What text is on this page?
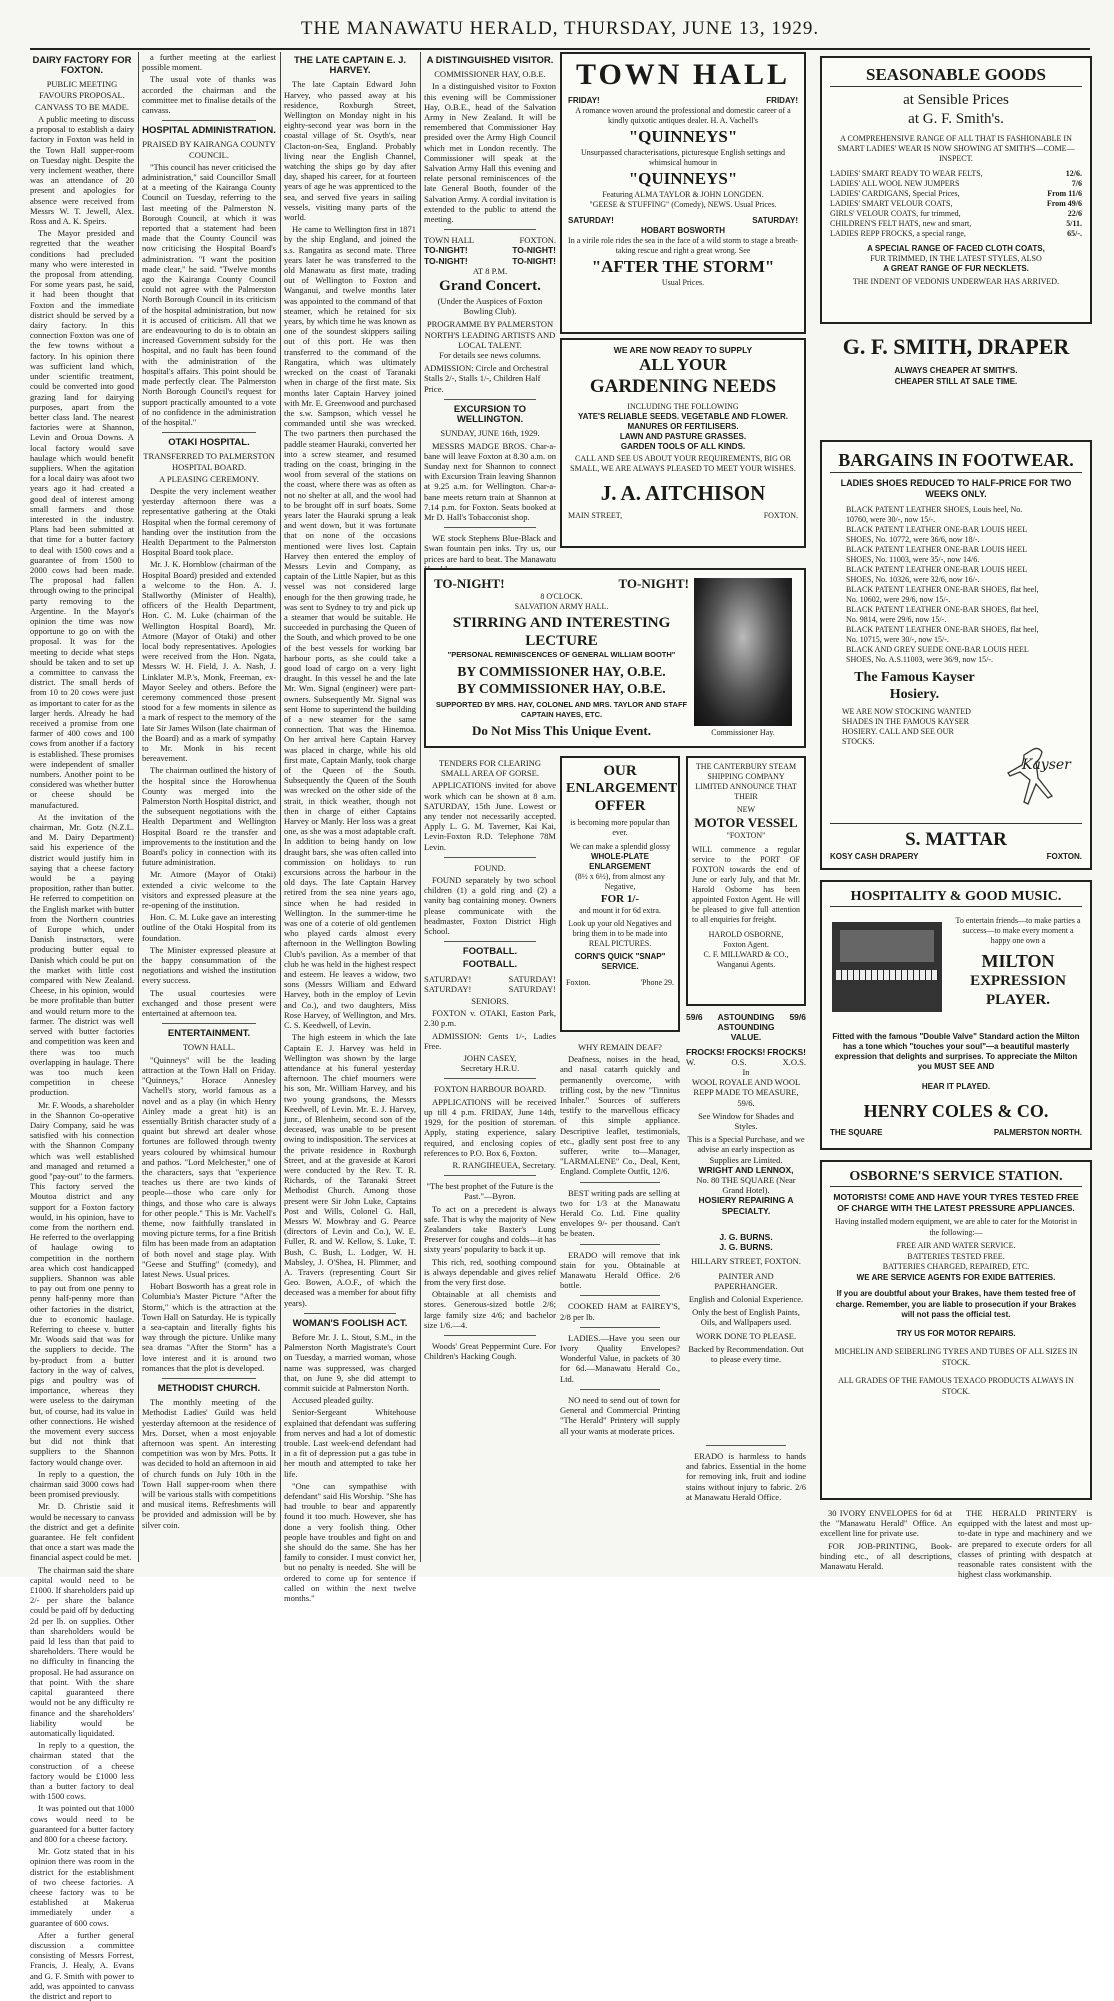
THE MANAWATU HERALD, THURSDAY, JUNE 13, 1929.
DAIRY FACTORY FOR FOXTON.
PUBLIC MEETING FAVOURS PROPOSAL.
CANVASS TO BE MADE.

A public meeting to discuss a proposal to establish a dairy factory in Foxton was held in the Town Hall supper-room on Tuesday night. Despite the very inclement weather, there was an attendance of 20 present and apologies for absence were received from Messrs W. T. Jewell, Alex. Ross and A. K. Speirs.

The Mayor presided and regretted that the weather conditions had precluded many who were interested in the proposal from attending. For some years past, he said, it had been thought that Foxton and the immediate district should be served by a dairy factory. In this connection Foxton was one of the few towns without a factory. In his opinion there was sufficient land which, under scientific treatment, could be converted into good grazing land for dairying purposes, apart from the better class land. The nearest factories were at Shannon, Levin and Oroua Downs. A local factory would save haulage which would benefit suppliers. When the agitation for a local dairy was afoot two years ago it had created a good deal of interest among small farmers and those interested in the industry. Plans had been submitted at that time for a butter factory to deal with 1500 cows and a guarantee of from 1500 to 2000 cows had been made. The proposal had fallen through owing to the principal party removing to the Argentine. In the Mayor's opinion the time was now opportune to go on with the proposal. It was for the meeting to decide what steps should be taken and to set up a committee to canvass the district. The small herds of from 10 to 20 cows were just as important to cater for as the larger herds. Already he had received a promise from one farmer of 400 cows and 100 cows from another if a factory is established. These promises were independent of smaller numbers. Another point to be considered was whether butter or cheese should be manufactured.

At the invitation of the chairman, Mr. Gotz (N.Z.L. and M. Dairy Department) said his experience of the district would justify him in saying that a cheese factory would be a paying proposition, rather than butter. He referred to competition on the English market with butter from the Northern countries of Europe which, under Danish instructors, were producing butter equal to Danish which could be put on the market with little cost compared with New Zealand. Cheese, in his opinion, would be more profitable than butter and would return more to the farmer. The district was well served with butter factories and competition was keen and there was too much overlapping in haulage. There was too much keen competition in cheese production.

Mr. F. Woods, a shareholder in the Shannon Co-operative Dairy Company, said he was satisfied with his connection with the Shannon Company which was well established and managed and returned a good "pay-out" to the farmers. This factory served the Moutoa district and any support for a Foxton factory would, in his opinion, have to come from the northern end. He referred to the overlapping of haulage owing to competition in the northern area which cost handicapped suppliers. Shannon was able to pay out from one penny to penny half-penny more than other factories in the district, due to economic haulage. Referring to cheese v. butter Mr. Woods said that was for the suppliers to decide. The by-product from a butter factory in the way of calves, pigs and poultry was of importance, whereas they were useless to the dairyman but, of course, had its value in other connections. He wished the movement every success but did not think that suppliers to the Shannon factory would change over.

In reply to a question, the chairman said 3000 cows had been promised previously.

Mr. D. Christie said it would be necessary to canvass the district and get a definite guarantee. He felt confident that once a start was made the financial aspect could be met.

The chairman said the share capital would need to be £1000. If shareholders paid up 2/- per share the balance could be paid off by deducting 2d per lb. on supplies. Other than shareholders would be paid ld less than that paid to shareholders. There would be no difficulty in financing the proposal. He had assurance on that point. With the share capital guaranteed there would not be any difficulty re finance and the shareholders' liability would be automatically liquidated.

In reply to a question, the chairman stated that the construction of a cheese factory would be £1000 less than a butter factory to deal with 1500 cows.

It was pointed out that 1000 cows would need to be guaranteed for a butter factory and 800 for a cheese factory.

Mr. Gotz stated that in his opinion there was room in the district for the establishment of two cheese factories. A cheese factory was to be established at Makerua immediately under a guarantee of 600 cows.

After a further general discussion a committee consisting of Messrs Forrest, Francis, J. Healy, A. Evans and G. F. Smith with power to add, was appointed to canvass the district and report to

a further meeting at the earliest possible moment.

The usual vote of thanks was accorded the chairman and the committee met to finalise details of the canvass.

HOSPITAL ADMINISTRATION.
PRAISED BY KAIRANGA COUNTY COUNCIL.

"This council has never criticised the administration," said Councillor Small at a meeting of the Kairanga County Council on Tuesday, referring to the last meeting of the Palmerston N. Borough Council, at which it was reported that a statement had been made that the County Council was now criticising the Hospital Board's administration. "I want the position made clear," he said. "Twelve months ago the Kairanga County Council could not agree with the Palmerston North Borough Council in its criticism of the hospital administration, but now it is accused of criticism. All that we are endeavouring to do is to obtain an increased Government subsidy for the hospital, and no fault has been found with the administration of the hospital's affairs. This point should be made perfectly clear. The Palmerston North Borough Council's request for support practically amounted to a vote of no confidence in the administration of the hospital."

OTAKI HOSPITAL.
TRANSFERRED TO PALMERSTON HOSPITAL BOARD.
A PLEASING CEREMONY.

Despite the very inclement weather yesterday afternoon there was a representative gathering at the Otaki Hospital when the formal ceremony of handing over the institution from the Health Department to the Palmerston Hospital Board took place.

Mr. J. K. Hornblow (chairman of the Hospital Board) presided and extended a welcome to the Hon. A. J. Stallworthy (Minister of Health), officers of the Health Department, Hon. C. M. Luke (chairman of the Wellington Hospital Board), Mr. Atmore (Mayor of Otaki) and other local body representatives. Apologies were received from the Hon. Ngata, Messrs W. H. Field, J. A. Nash, J. Linklater M.P.'s, Monk, Freeman, ex-Mayor Seeley and others. Before the ceremony commenced those present stood for a few moments in silence as a mark of respect to the memory of the late Sir James Wilson (late chairman of the Board) and as a mark of sympathy to Mr. Monk in his recent bereavement.

The chairman outlined the history of the hospital since the Horowhenua County was merged into the Palmerston North Hospital district, and the subsequent negotiations with the Health Department and Wellington Hospital Board re the transfer and improvements to the institution and the Board's policy in connection with its future administration.

Mr. Atmore (Mayor of Otaki) extended a civic welcome to the visitors and expressed pleasure at the re-opening of the institution.

Hon. C. M. Luke gave an interesting outline of the Otaki Hospital from its foundation.

The Minister expressed pleasure at the happy consummation of the negotiations and wished the institution every success.

The usual courtesies were exchanged and those present were entertained at afternoon tea.

ENTERTAINMENT.
TOWN HALL.

"Quinneys" will be the leading attraction at the Town Hall on Friday. "Quinneys," Horace Annesley Vachell's story, world famous as a novel and as a play (in which Henry Ainley made a great hit) is an essentially British character study of a quaint but shrewd art dealer whose fortunes are followed through twenty years coloured by whimsical humour and pathos. "Lord Melchester," one of the characters, says that "experience teaches us there are two kinds of people—those who care only for things, and those who care is always for other people." This is Mr. Vachell's theme, now faithfully translated in moving picture terms, for a fine British film has been made from an adaptation of both novel and stage play. With "Geese and Stuffing" (comedy), and latest News. Usual prices.

Hobart Bosworth has a great role in Columbia's Master Picture "After the Storm," which is the attraction at the Town Hall on Saturday. He is typically a sea-captain and literally fights his way through the picture. Unlike many sea dramas "After the Storm" has a love interest and it is around two romances that the plot is developed.

METHODIST CHURCH.

The monthly meeting of the Methodist Ladies' Guild was held yesterday afternoon at the residence of Mrs. Dorset, when a most enjoyable afternoon was spent. An interesting competition was won by Mrs. Potts. It was decided to hold an afternoon in aid of church funds on July 10th in the Town Hall supper-room when there will be various stalls with competitions and musical items. Refreshments will be provided and admission will be by silver coin.

THE LATE CAPTAIN E. J. HARVEY.

The late Captain Edward John Harvey, who passed away at his residence, Roxburgh Street, Wellington on Monday night in his eighty-second year was born in the coastal village of St. Osyth's, near Clacton-on-Sea, England. Probably living near the English Channel, watching the ships go by day after day, shaped his career, for at fourteen years of age he was apprenticed to the sea, and served five years in sailing vessels, visiting many parts of the world.

He came to Wellington first in 1871 by the ship England, and joined the s.s. Rangatira as second mate. Three years later he was transferred to the old Manawatu as first mate, trading out of Wellington to Foxton and Wanganui, and twelve months later was appointed to the command of that steamer, which he retained for six years, by which time he was known as one of the soundest skippers sailing out of this port. He was then transferred to the command of the Rangatira, which was ultimately wrecked on the coast of Taranaki when in charge of the first mate. Six months later Captain Harvey joined with Mr. E. Greenwood and purchased the s.w. Sampson, which vessel he commanded until she was wrecked. The two partners then purchased the paddle steamer Hauraki, converted her into a screw steamer, and resumed trading on the coast, bringing in the wool from several of the stations on the coast, where there was as often as not no shelter at all, and the wool had to be brought off in surf boats. Some years later the Hauraki sprung a leak and went down, but it was fortunate that on none of the occasions mentioned were lives lost. Captain Harvey then entered the employ of Messrs Levin and Company, as captain of the Little Napier, but as this vessel was not considered large enough for the then growing trade, he was sent to Sydney to try and pick up a steamer that would be suitable. He succeeded in purchasing the Queen of the South, and which proved to be one of the best vessels for working bar harbour ports, as she could take a good load of cargo on a very light draught. In this vessel he and the late Mr. Wm. Signal (engineer) were part-owners. Subsequently Mr. Signal was sent Home to superintend the building of a new steamer for the same connection. That was the Hinemoa. On her arrival here Captain Harvey was placed in charge, while his old first mate, Captain Manly, took charge of the Queen of the South. Subsequently the Queen of the South was wrecked on the other side of the strait, in thick weather, though not then in charge of either Captains Harvey or Manly. Her loss was a great one, as she was a most adaptable craft. In addition to being handy on low draught bars, she was often called into commission on holidays to run excursions across the harbour in the old days. The late Captain Harvey retired from the sea nine years ago, since when he had resided in Wellington. In the summer-time he was one of a coterie of old gentlemen who played cards almost every afternoon in the Wellington Bowling Club's pavilion. As a member of that club he was held in the highest respect and esteem. He leaves a widow, two sons (Messrs William and Edward Harvey, both in the employ of Levin and Co.), and two daughters, Miss Rose Harvey, of Wellington, and Mrs. C. S. Keedwell, of Levin.

The high esteem in which the late Captain E. J. Harvey was held in Wellington was shown by the large attendance at his funeral yesterday afternoon. The chief mourners were his son, Mr. William Harvey, and his two young grandsons, the Messrs Keedwell, of Levin. Mr. E. J. Harvey, junr., of Blenheim, second son of the deceased, was unable to be present owing to indisposition. The services at the private residence in Roxburgh Street, and at the graveside at Karori were conducted by the Rev. T. R. Richards, of the Taranaki Street Methodist Church. Among those present were Sir John Luke, Captains Post and Wills, Colonel G. Hall, Messrs W. Mowbray and G. Pearce (directors of Levin and Co.), W. E. Fuller, R. and W. Kellow, S. Luke, T. Bush, C. Bush, L. Lodger, W. H. Mabsley, J. O'Shea, H. Plimmer, and A. Travers (representing Court Sir Geo. Bowen, A.O.F., of which the deceased was a member for about fifty years).

WOMAN'S FOOLISH ACT.

Before Mr. J. L. Stout, S.M., in the Palmerston North Magistrate's Court on Tuesday, a married woman, whose name was suppressed, was charged that, on June 9, she did attempt to commit suicide at Palmerston North.

Accused pleaded guilty.

Senior-Sergeant Whitehouse explained that defendant was suffering from nerves and had a lot of domestic trouble. Last week-end defendant had in a fit of depression put a gas tube in her mouth and attempted to take her life.

"One can sympathise with defendant" said His Worship. "She has had trouble to bear and apparently found it too much. However, she has done a very foolish thing. Other people have troubles and fight on and she should do the same. She has her family to consider. I must convict her, but no penalty is needed. She will be ordered to come up for sentence if called on within the next twelve months."

A DISTINGUISHED VISITOR.
COMMISSIONER HAY, O.B.E.

In a distinguished visitor to Foxton this evening will be Commissioner Hay, O.B.E., head of the Salvation Army in New Zealand. It will be remembered that Commissioner Hay presided over the Army High Council which met in London recently. The Commissioner will speak at the Salvation Army Hall this evening and relate personal reminiscences of the late General Booth, founder of the Salvation Army. A cordial invitation is extended to the public to attend the meeting.

TOWN HALL	FOXTON.
TO-NIGHT!	TO-NIGHT!
TO-NIGHT!	TO-NIGHT!
AT 8 P.M.
Grand Concert.
(Under the Auspices of Foxton Bowling Club).
PROGRAMME BY PALMERSTON NORTH'S LEADING ARTISTS AND LOCAL TALENT.
For details see news columns.
ADMISSION: Circle and Orchestral Stalls 2/-, Stalls 1/-, Children Half Price.
EXCURSION TO WELLINGTON.
SUNDAY, JUNE 16th, 1929.

MESSRS MADGE BROS. Char-a-bane will leave Foxton at 8.30 a.m. on Sunday next for Shannon to connect with Excursion Train leaving Shannon at 9.25 a.m. for Wellington. Char-a-bane meets return train at Shannon at 7.14 p.m. for Foxton. Seats booked at Mr D. Hall's Tobacconist shop.

WE stock Stephens Blue-Black and Swan fountain pen inks. Try us, our prices are hard to beat. The Manawatu

TOWN HALL
FRIDAY!	FRIDAY!
A romance woven around the professional and domestic career of a kindly quixotic antiques dealer. H. A. Vachell's
"QUINNEYS"
Unsurpassed characterisations, picturesque English settings and whimsical humour in
"QUINNEYS"
Featuring ALMA TAYLOR & JOHN LONGDEN.
"GEESE & STUFFING" (Comedy), NEWS. Usual Prices.
SATURDAY!	SATURDAY!
HOBART BOSWORTH
In a virile role rides the sea in the face of a wild storm to stage a breath-taking rescue and right a great wrong. See
"AFTER THE STORM"
Usual Prices.
WE ARE NOW READY TO SUPPLY
ALL YOUR
GARDENING NEEDS
INCLUDING THE FOLLOWING
YATE'S RELIABLE SEEDS. VEGETABLE AND FLOWER.
MANURES OR FERTILISERS.
LAWN AND PASTURE GRASSES.
GARDEN TOOLS OF ALL KINDS.
CALL AND SEE US ABOUT YOUR REQUIREMENTS, BIG OR SMALL, WE ARE ALWAYS PLEASED TO MEET YOUR WISHES.
J. A. AITCHISON
MAIN STREET,	FOXTON.
TO-NIGHT!	TO-NIGHT!
8 O'CLOCK.
SALVATION ARMY HALL.
STIRRING AND INTERESTING
LECTURE
"PERSONAL REMINISCENCES OF GENERAL WILLIAM BOOTH"
BY COMMISSIONER HAY, O.B.E.
BY COMMISSIONER HAY, O.B.E.
SUPPORTED BY MRS. HAY, COLONEL AND MRS. TAYLOR AND STAFF CAPTAIN HAYES, ETC.
Do Not Miss This Unique Event.	Commissioner Hay.
TENDERS FOR CLEARING SMALL AREA OF GORSE.

APPLICATIONS invited for above work which can be shown at 8 a.m. SATURDAY, 15th June. Lowest or any tender not necessarily accepted. Apply L. G. M. Taverner, Kai Kai, Levin-Foxton R.D. Telephone 78M Levin.

FOUND.

FOUND separately by two school children (1) a gold ring and (2) a vanity bag containing money. Owners please communicate with the headmaster, Foxton District High School.

FOOTBALL.
FOOTBALL.
SATURDAY!	SATURDAY!
SATURDAY!	SATURDAY!
SENIORS.

FOXTON v. OTAKI, Easton Park, 2.30 p.m.

ADMISSION: Gents 1/-, Ladies Free.

JOHN CASEY,
Secretary H.R.U.
FOXTON HARBOUR BOARD.

APPLICATIONS will be received up till 4 p.m. FRIDAY, June 14th, 1929, for the position of storeman. Apply, stating experience, salary required, and enclosing copies of references to P.O. Box 6, Foxton.

R. RANGIHEUEA, Secretary.

"The best prophet of the Future is the Past."—Byron.

To act on a precedent is always safe. That is why the majority of New Zealanders take Baxter's Lung Preserver for coughs and colds—it has sixty years' popularity to back it up.

This rich, red, soothing compound is always dependable and gives relief from the very first dose.

Obtainable at all chemists and stores. Generous-sized bottle 2/6; large family size 4/6; and bachelor size 1/6.—4.

Woods' Great Peppermint Cure. For Children's Hacking Cough.

OUR
ENLARGEMENT
OFFER
is becoming more popular than ever.
We can make a splendid glossy
WHOLE-PLATE ENLARGEMENT
(8½ x 6½), from almost any Negative,
FOR 1/-
and mount it for 6d extra.
Look up your old Negatives and bring them in to be made into REAL PICTURES.
CORN'S QUICK "SNAP" SERVICE.
Foxton.	'Phone 29.
WHY REMAIN DEAF?

Deafness, noises in the head, and nasal catarrh quickly and permanently overcome, with trifling cost, by the new "Tinnitus Inhaler." Sources of sufferers testify to the marvellous efficacy of this simple appliance. Descriptive leaflet, testimonials, etc., gladly sent post free to any sufferer, write to—Manager, "LARMALENE" Co., Deal, Kent, England. Complete Outfit, 12/6.

BEST writing pads are selling at two for 1/3 at the Manawatu Herald Co. Ltd. Fine quality envelopes 9/- per thousand. Can't be beaten.

ERADO will remove that ink stain for you. Obtainable at Manawatu Herald Office. 2/6 bottle.

COOKED HAM at FAIREY'S, 2/8 per lb.

LADIES.—Have you seen our Ivory Quality Envelopes? Wonderful Value, in packets of 30 for 6d.—Manawatu Herald Co., Ltd.

NO need to send out of town for General and Commercial Printing "The Herald" Printery will supply all your wants at moderate prices.

THE CANTERBURY STEAM SHIPPING COMPANY LIMITED ANNOUNCE THAT THEIR
NEW
MOTOR VESSEL
"FOXTON"
WILL commence a regular service to the PORT OF FOXTON towards the end of June or early July, and that Mr. Harold Osborne has been appointed Foxton Agent. He will be pleased to give full attention to all enquiries for freight.
HAROLD OSBORNE,
Foxton Agent.
C. F. MILLWARD & CO.,
Wanganui Agents.
59/6 ASTOUNDING 59/6
ASTOUNDING
VALUE.
FROCKS! FROCKS! FROCKS!
W.	O.S.	X.O.S.
In
WOOL ROYALE AND WOOL REPP MADE TO MEASURE, 59/6.
See Window for Shades and Styles.
This is a Special Purchase, and we advise an early inspection as Supplies are Limited.
WRIGHT AND LENNOX,
No. 80 THE SQUARE (Near Grand Hotel).
HOSIERY REPAIRING A SPECIALTY.
J. G. BURNS.
J. G. BURNS.
HILLARY STREET, FOXTON.
PAINTER AND PAPERHANGER.
English and Colonial Experience.
Only the best of English Paints, Oils, and Wallpapers used.
WORK DONE TO PLEASE.
Backed by Recommendation. Out to please every time.

ERADO is harmless to hands and fabrics. Essential in the home for removing ink, fruit and iodine stains without injury to fabric. 2/6 at Manawatu Herald Office.

SEASONABLE GOODS
at Sensible Prices
at G. F. Smith's.
A COMPREHENSIVE RANGE OF ALL THAT IS FASHIONABLE IN SMART LADIES' WEAR IS NOW SHOWING AT SMITH'S—COME—INSPECT.
LADIES' SMART READY TO WEAR FELTS,	12/6.
LADIES' ALL WOOL NEW JUMPERS	7/6
LADIES' CARDIGANS, Special Prices,	From 11/6
LADIES' SMART VELOUR COATS,	From 49/6
GIRLS' VELOUR COATS, fur trimmed,	22/6
CHILDREN'S FELT HATS, new and smart,	5/11.
LADIES REPP FROCKS, a special range,	65/-.
A SPECIAL RANGE OF FACED CLOTH COATS,
FUR TRIMMED, IN THE LATEST STYLES, ALSO
A GREAT RANGE OF FUR NECKLETS.
THE INDENT OF VEDONIS UNDERWEAR HAS ARRIVED.
G. F. SMITH, DRAPER
ALWAYS CHEAPER AT SMITH'S.
CHEAPER STILL AT SALE TIME.
BARGAINS IN FOOTWEAR.
LADIES SHOES REDUCED TO HALF-PRICE FOR TWO WEEKS ONLY.
BLACK PATENT LEATHER SHOES, Louis heel, No. 10760, were 30/-, now 15/-.
BLACK PATENT LEATHER ONE-BAR LOUIS HEEL SHOES, No. 10772, were 36/6, now 18/-.
BLACK PATENT LEATHER ONE-BAR LOUIS HEEL SHOES, No. 11003, were 35/-, now 14/6.
BLACK PATENT LEATHER ONE-BAR LOUIS HEEL SHOES, No. 10326, were 32/6, now 16/-.
BLACK PATENT LEATHER ONE-BAR SHOES, flat heel, No. 10602, were 29/6, now 15/-.
BLACK PATENT LEATHER ONE-BAR SHOES, flat heel, No. 9814, were 29/6, now 15/-.
BLACK PATENT LEATHER ONE-BAR SHOES, flat heel, No. 10715, were 30/-, now 15/-.
BLACK AND GREY SUEDE ONE-BAR LOUIS HEEL SHOES, No. A.S.11003, were 36/9, now 15/-.
The Famous Kayser Hosiery.
WE ARE NOW STOCKING WANTED SHADES IN THE FAMOUS KAYSER HOSIERY. CALL AND SEE OUR STOCKS.
Kayser
S. MATTAR
KOSY CASH DRAPERY	FOXTON.
HOSPITALITY & GOOD MUSIC.
To entertain friends—to make parties a success—to make every moment a happy one own a
MILTON
EXPRESSION
PLAYER.
Fitted with the famous "Double Valve" Standard action the Milton has a tone which "touches your soul"—a beautiful masterly expression that delights and surprises. To appreciate the Milton you MUST SEE AND
HEAR IT PLAYED.
HENRY COLES & CO.
THE SQUARE	PALMERSTON NORTH.
OSBORNE'S SERVICE STATION.
MOTORISTS! COME AND HAVE YOUR TYRES TESTED FREE OF CHARGE WITH THE LATEST PRESSURE APPLIANCES.
Having installed modern equipment, we are able to cater for the Motorist in the following:—
FREE AIR AND WATER SERVICE.
BATTERIES TESTED FREE.
BATTERIES CHARGED, REPAIRED, ETC.
WE ARE SERVICE AGENTS FOR EXIDE BATTERIES.
If you are doubtful about your Brakes, have them tested free of charge. Remember, you are liable to prosecution if your Brakes will not pass the official test.
TRY US FOR MOTOR REPAIRS.
MICHELIN AND SEIBERLING TYRES AND TUBES OF ALL SIZES IN STOCK.
ALL GRADES OF THE FAMOUS TEXACO PRODUCTS ALWAYS IN STOCK.

30 IVORY ENVELOPES for 6d at the "Manawatu Herald" Office. An excellent line for private use.

FOR JOB-PRINTING, Book-binding etc., of all descriptions, Manawatu Herald.

THE HERALD PRINTERY is equipped with the latest and most up-to-date in type and machinery and we are prepared to execute orders for all classes of printing with despatch at reasonable rates consistent with the highest class workmanship.
